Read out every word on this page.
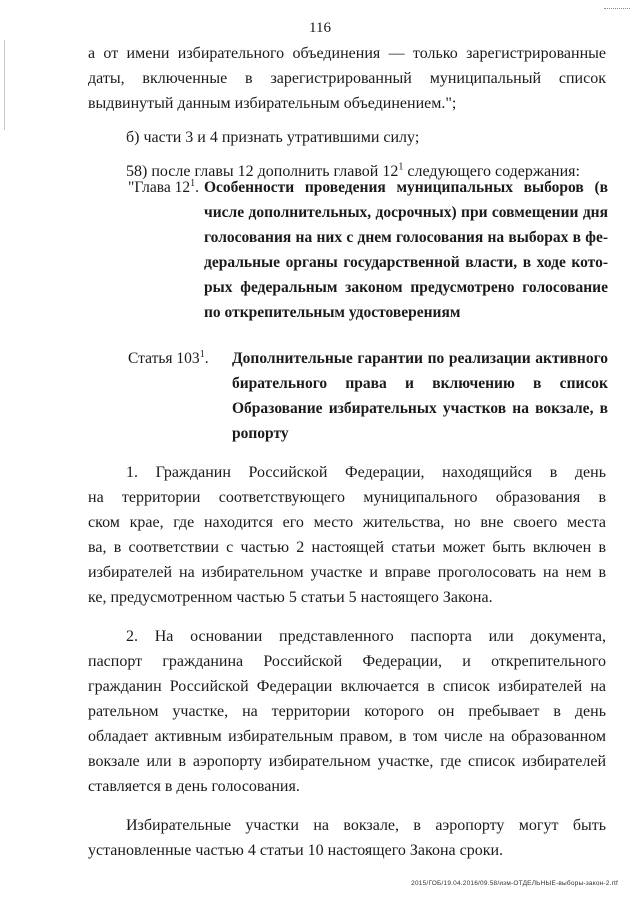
116
а от имени избирательного объединения — только зарегистрированные
даты, включенные в зарегистрированный муниципальный список
выдвинутый данным избирательным объединением.";
б) части 3 и 4 признать утратившими силу;
58) после главы 12 дополнить главой $12^1$ следующего содержания:
"Глава $12^1$. Особенности проведения муниципальных выборов (в
числе дополнительных, досрочных) при совмещении дня
голосования на них с днем голосования на выборах в фе-
деральные органы государственной власти, в ходе кото-
рых федеральным законом предусмотрено голосование
по открепительным удостоверениям
Статья $103^1$. Дополнительные гарантии по реализации активного
бирательного права и включению в список
Образование избирательных участков на вокзале, в
ропорту
1. Гражданин Российской Федерации, находящийся в день
на территории соответствующего муниципального образования в
ском крае, где находится его место жительства, но вне своего места
ва, в соответствии с частью 2 настоящей статьи может быть включен в
избирателей на избирательном участке и вправе проголосовать на нем в
ке, предусмотренном частью 5 статьи 5 настоящего Закона.
2. На основании представленного паспорта или документа,
паспорт гражданина Российской Федерации, и открепительного
гражданин Российской Федерации включается в список избирателей на
рательном участке, на территории которого он пребывает в день
обладает активным избирательным правом, в том числе на образованном
вокзале или в аэропорту избирательном участке, где список избирателей
ставляется в день голосования.
Избирательные участки на вокзале, в аэропорту могут быть
установленные частью 4 статьи 10 настоящего Закона сроки.
2015/ГОБ/19.04.2016/09.58/изм-ОТДЕЛЬНЫЕ-выборы-закон-2.rtf
